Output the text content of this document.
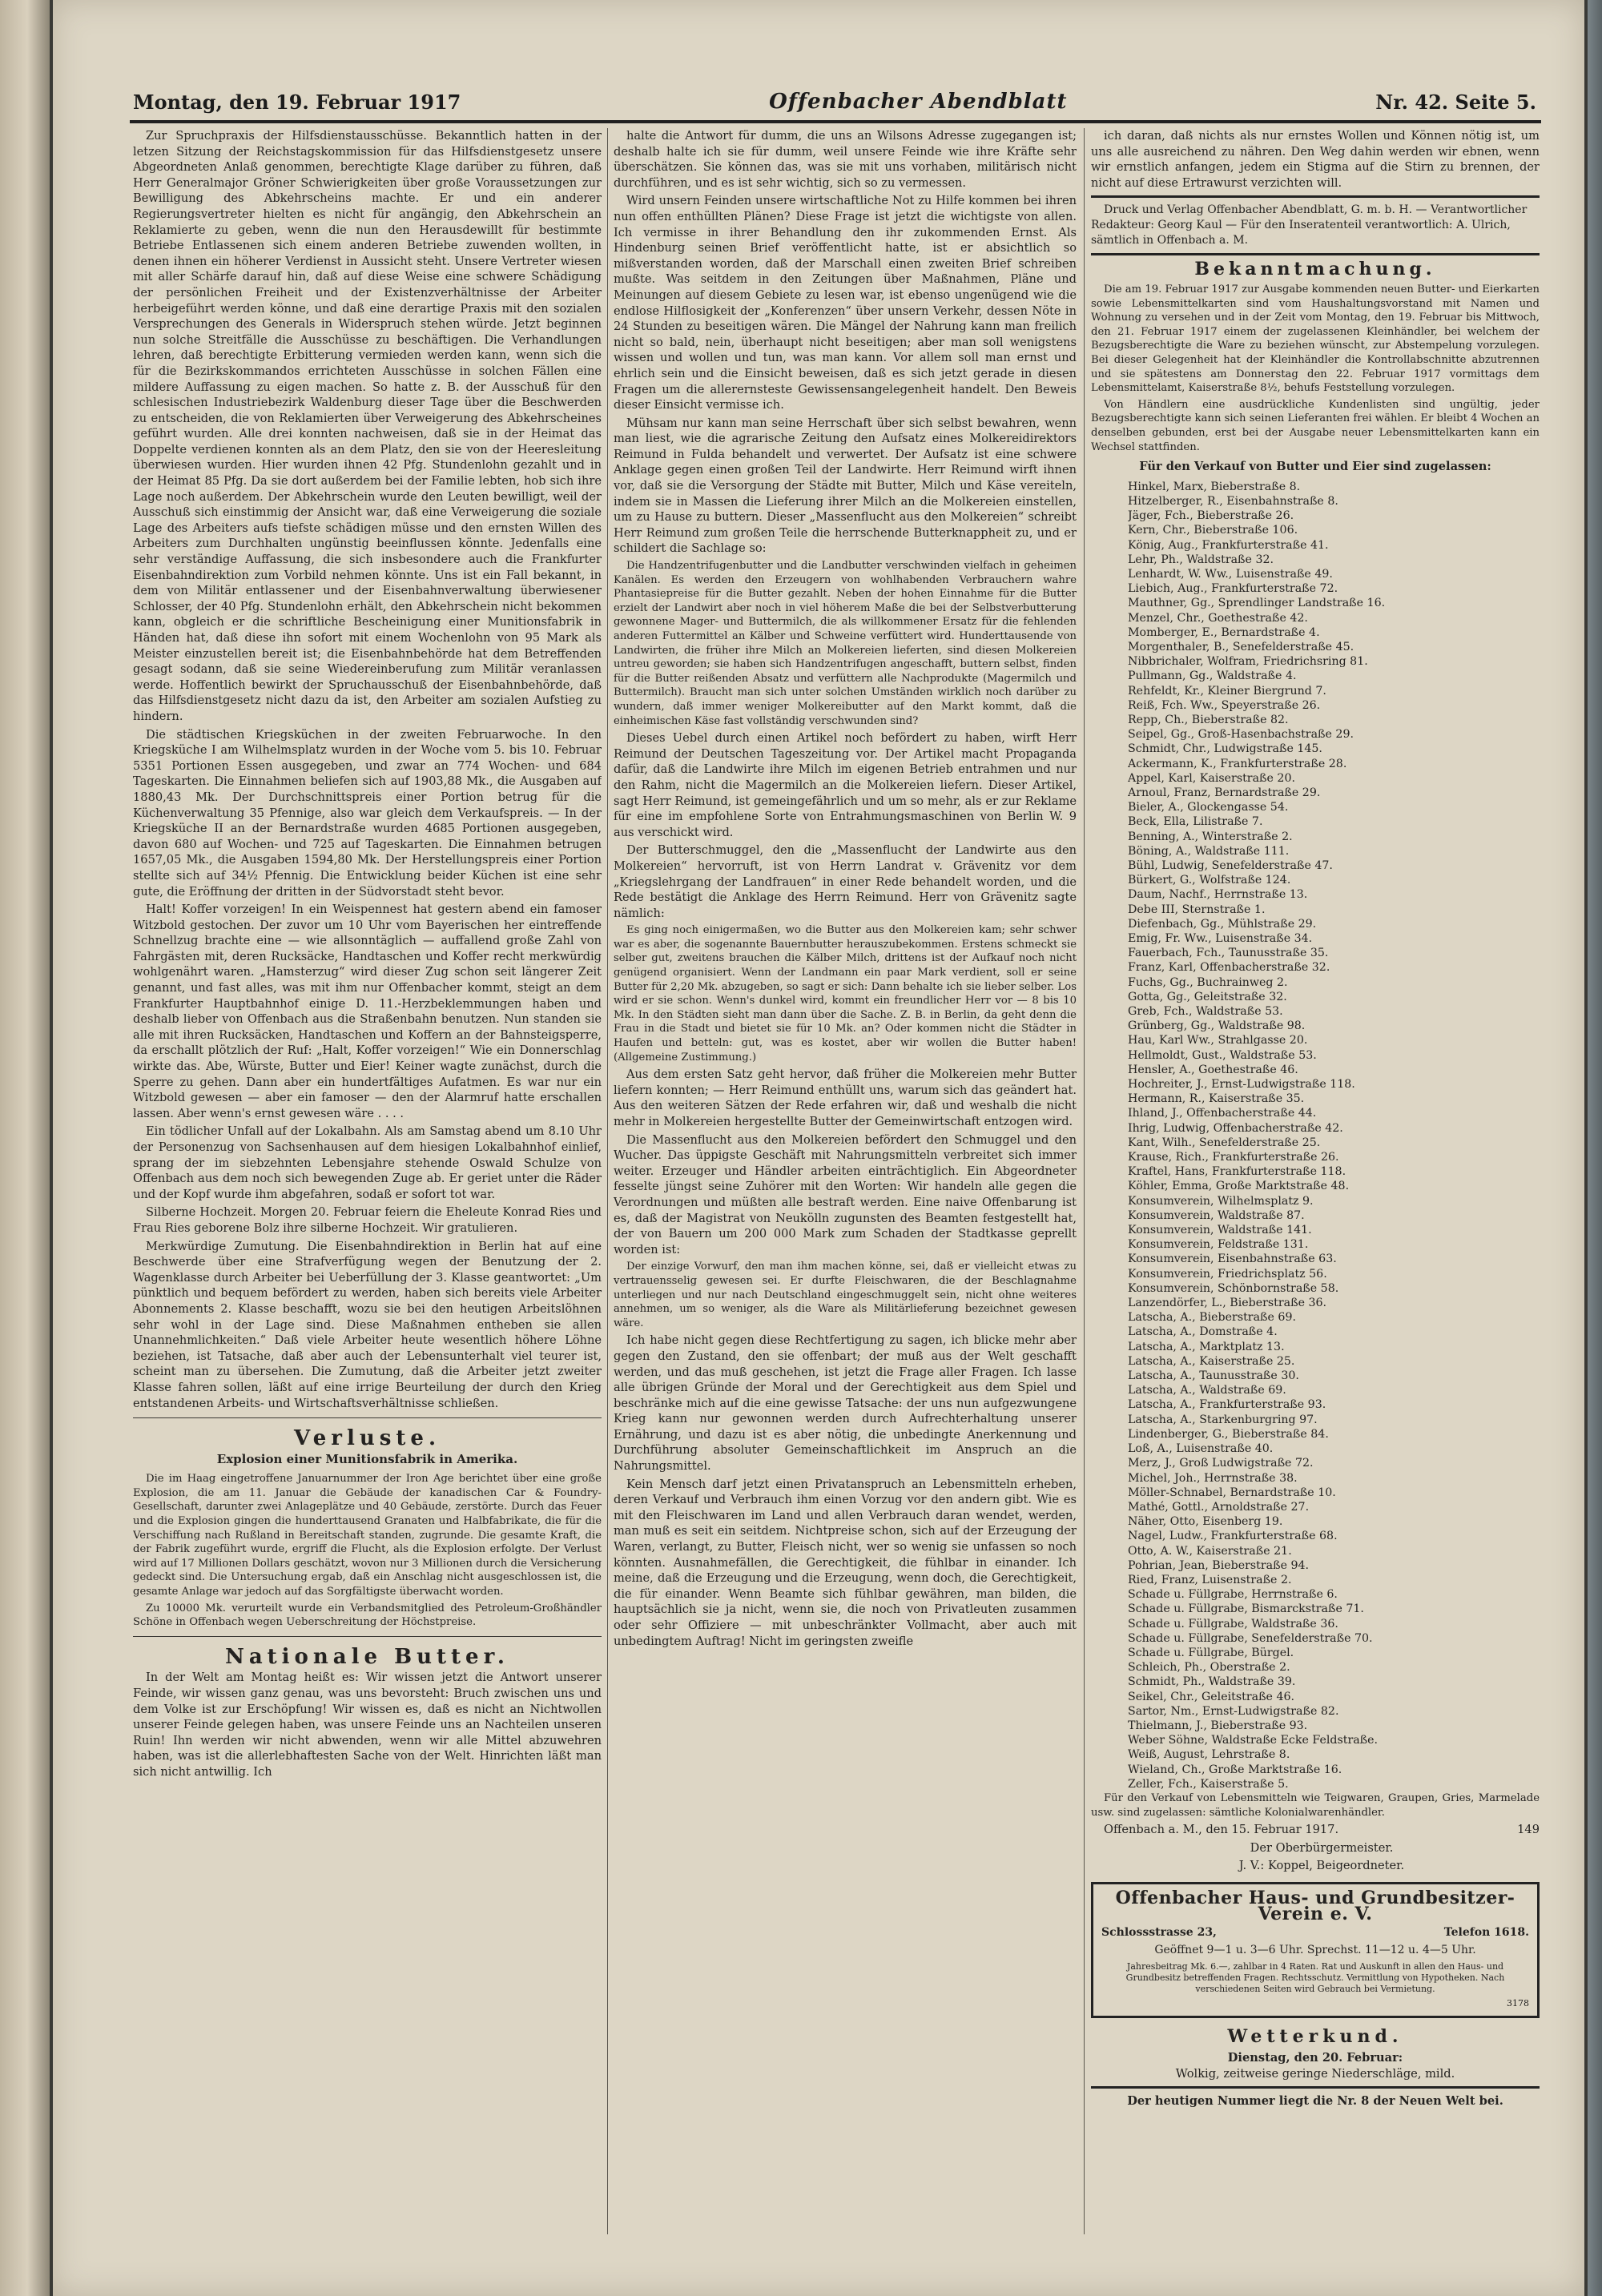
Montag, den 19. Februar 1917	Offenbacher Abendblatt	Nr. 42. Seite 5.

Zur Spruchpraxis der Hilfsdienstausschüsse. Bekanntlich hatten in der letzen Sitzung der Reichstagskommission für das Hilfsdienstgesetz unsere Abgeordneten Anlaß genommen, berechtigte Klage darüber zu führen, daß Herr Generalmajor Gröner Schwierigkeiten über große Voraussetzungen zur Bewilligung des Abkehrscheins machte. Er und ein anderer Regierungsvertreter hielten es nicht für angängig, den Abkehrschein an Reklamierte zu geben, wenn die nun den Herausdewillt für bestimmte Betriebe Entlassenen sich einem anderen Betriebe zuwenden wollten, in denen ihnen ein höherer Verdienst in Aussicht steht. Unsere Vertreter wiesen mit aller Schärfe darauf hin, daß auf diese Weise eine schwere Schädigung der persönlichen Freiheit und der Existenzverhältnisse der Arbeiter herbeigeführt werden könne, und daß eine derartige Praxis mit den sozialen Versprechungen des Generals in Widerspruch stehen würde. Jetzt beginnen nun solche Streitfälle die Ausschüsse zu beschäftigen. Die Verhandlungen lehren, daß berechtigte Erbitterung vermieden werden kann, wenn sich die für die Bezirkskommandos errichteten Ausschüsse in solchen Fällen eine mildere Auffassung zu eigen machen. So hatte z. B. der Ausschuß für den schlesischen Industriebezirk Waldenburg dieser Tage über die Beschwerden zu entscheiden, die von Reklamierten über Verweigerung des Abkehrscheines geführt wurden. Alle drei konnten nachweisen, daß sie in der Heimat das Doppelte verdienen konnten als an dem Platz, den sie von der Heeresleitung überwiesen wurden. Hier wurden ihnen 42 Pfg. Stundenlohn gezahlt und in der Heimat 85 Pfg. Da sie dort außerdem bei der Familie lebten, hob sich ihre Lage noch außerdem. Der Abkehrschein wurde den Leuten bewilligt, weil der Ausschuß sich einstimmig der Ansicht war, daß eine Verweigerung die soziale Lage des Arbeiters aufs tiefste schädigen müsse und den ernsten Willen des Arbeiters zum Durchhalten ungünstig beeinflussen könnte. Jedenfalls eine sehr verständige Auffassung, die sich insbesondere auch die Frankfurter Eisenbahndirektion zum Vorbild nehmen könnte. Uns ist ein Fall bekannt, in dem von Militär entlassener und der Eisenbahnverwaltung überwiesener Schlosser, der 40 Pfg. Stundenlohn erhält, den Abkehrschein nicht bekommen kann, obgleich er die schriftliche Bescheinigung einer Munitionsfabrik in Händen hat, daß diese ihn sofort mit einem Wochenlohn von 95 Mark als Meister einzustellen bereit ist; die Eisenbahnbehörde hat dem Betreffenden gesagt sodann, daß sie seine Wiedereinberufung zum Militär veranlassen werde. Hoffentlich bewirkt der Spruchausschuß der Eisenbahnbehörde, daß das Hilfsdienstgesetz nicht dazu da ist, den Arbeiter am sozialen Aufstieg zu hindern.

Die städtischen Kriegsküchen in der zweiten Februarwoche. In den Kriegsküche I am Wilhelmsplatz wurden in der Woche vom 5. bis 10. Februar 5351 Portionen Essen ausgegeben, und zwar an 774 Wochen- und 684 Tageskarten. Die Einnahmen beliefen sich auf 1903,88 Mk., die Ausgaben auf 1880,43 Mk. Der Durchschnittspreis einer Portion betrug für die Küchenverwaltung 35 Pfennige, also war gleich dem Verkaufspreis. — In der Kriegsküche II an der Bernardstraße wurden 4685 Portionen ausgegeben, davon 680 auf Wochen- und 725 auf Tageskarten. Die Einnahmen betrugen 1657,05 Mk., die Ausgaben 1594,80 Mk. Der Herstellungspreis einer Portion stellte sich auf 34½ Pfennig. Die Entwicklung beider Küchen ist eine sehr gute, die Eröffnung der dritten in der Südvorstadt steht bevor.

Halt! Koffer vorzeigen! In ein Weispennest hat gestern abend ein famoser Witzbold gestochen. Der zuvor um 10 Uhr vom Bayerischen her eintreffende Schnellzug brachte eine — wie allsonntäglich — auffallend große Zahl von Fahrgästen mit, deren Rucksäcke, Handtaschen und Koffer recht merkwürdig wohlgenährt waren. „Hamsterzug“ wird dieser Zug schon seit längerer Zeit genannt, und fast alles, was mit ihm nur Offenbacher kommt, steigt an dem Frankfurter Hauptbahnhof einige D. 11.-Herzbeklemmungen haben und deshalb lieber von Offenbach aus die Straßenbahn benutzen. Nun standen sie alle mit ihren Rucksäcken, Handtaschen und Koffern an der Bahnsteigsperre, da erschallt plötzlich der Ruf: „Halt, Koffer vorzeigen!“ Wie ein Donnerschlag wirkte das. Abe, Würste, Butter und Eier! Keiner wagte zunächst, durch die Sperre zu gehen. Dann aber ein hundertfältiges Aufatmen. Es war nur ein Witzbold gewesen — aber ein famoser — den der Alarmruf hatte erschallen lassen. Aber wenn's ernst gewesen wäre . . . .

Ein tödlicher Unfall auf der Lokalbahn. Als am Samstag abend um 8.10 Uhr der Personenzug von Sachsenhausen auf dem hiesigen Lokalbahnhof einlief, sprang der im siebzehnten Lebensjahre stehende Oswald Schulze von Offenbach aus dem noch sich bewegenden Zuge ab. Er geriet unter die Räder und der Kopf wurde ihm abgefahren, sodaß er sofort tot war.

Silberne Hochzeit. Morgen 20. Februar feiern die Eheleute Konrad Ries und Frau Ries geborene Bolz ihre silberne Hochzeit. Wir gratulieren.

Merkwürdige Zumutung. Die Eisenbahndirektion in Berlin hat auf eine Beschwerde über eine Strafverfügung wegen der Benutzung der 2. Wagenklasse durch Arbeiter bei Ueberfüllung der 3. Klasse geantwortet: „Um pünktlich und bequem befördert zu werden, haben sich bereits viele Arbeiter Abonnements 2. Klasse beschafft, wozu sie bei den heutigen Arbeitslöhnen sehr wohl in der Lage sind. Diese Maßnahmen entheben sie allen Unannehmlichkeiten.“ Daß viele Arbeiter heute wesentlich höhere Löhne beziehen, ist Tatsache, daß aber auch der Lebensunterhalt viel teurer ist, scheint man zu übersehen. Die Zumutung, daß die Arbeiter jetzt zweiter Klasse fahren sollen, läßt auf eine irrige Beurteilung der durch den Krieg entstandenen Arbeits- und Wirtschaftsverhältnisse schließen.

Verluste.
Explosion einer Munitionsfabrik in Amerika.

Die im Haag eingetroffene Januarnummer der Iron Age berichtet über eine große Explosion, die am 11. Januar die Gebäude der kanadischen Car & Foundry-Gesellschaft, darunter zwei Anlageplätze und 40 Gebäude, zerstörte. Durch das Feuer und die Explosion gingen die hunderttausend Granaten und Halbfabrikate, die für die Verschiffung nach Rußland in Bereitschaft standen, zugrunde. Die gesamte Kraft, die der Fabrik zugeführt wurde, ergriff die Flucht, als die Explosion erfolgte. Der Verlust wird auf 17 Millionen Dollars geschätzt, wovon nur 3 Millionen durch die Versicherung gedeckt sind. Die Untersuchung ergab, daß ein Anschlag nicht ausgeschlossen ist, die gesamte Anlage war jedoch auf das Sorgfältigste überwacht worden.

Zu 10000 Mk. verurteilt wurde ein Verbandsmitglied des Petroleum-Großhändler Schöne in Offenbach wegen Ueberschreitung der Höchstpreise.

Nationale Butter.

In der Welt am Montag heißt es: Wir wissen jetzt die Antwort unserer Feinde, wir wissen ganz genau, was uns bevorsteht: Bruch zwischen uns und dem Volke ist zur Erschöpfung! Wir wissen es, daß es nicht an Nichtwollen unserer Feinde gelegen haben, was unsere Feinde uns an Nachteilen unseren Ruin! Ihn werden wir nicht abwenden, wenn wir alle Mittel abzuwehren haben, was ist die allerlebhaftesten Sache von der Welt. Hinrichten läßt man sich nicht antwillig. Ich

halte die Antwort für dumm, die uns an Wilsons Adresse zugegangen ist; deshalb halte ich sie für dumm, weil unsere Feinde wie ihre Kräfte sehr überschätzen. Sie können das, was sie mit uns vorhaben, militärisch nicht durchführen, und es ist sehr wichtig, sich so zu vermessen.

Wird unsern Feinden unsere wirtschaftliche Not zu Hilfe kommen bei ihren nun offen enthüllten Plänen? Diese Frage ist jetzt die wichtigste von allen. Ich vermisse in ihrer Behandlung den ihr zukommenden Ernst. Als Hindenburg seinen Brief veröffentlicht hatte, ist er absichtlich so mißverstanden worden, daß der Marschall einen zweiten Brief schreiben mußte. Was seitdem in den Zeitungen über Maßnahmen, Pläne und Meinungen auf diesem Gebiete zu lesen war, ist ebenso ungenügend wie die endlose Hilflosigkeit der „Konferenzen“ über unsern Verkehr, dessen Nöte in 24 Stunden zu beseitigen wären. Die Mängel der Nahrung kann man freilich nicht so bald, nein, überhaupt nicht beseitigen; aber man soll wenigstens wissen und wollen und tun, was man kann. Vor allem soll man ernst und ehrlich sein und die Einsicht beweisen, daß es sich jetzt gerade in diesen Fragen um die allerernsteste Gewissensangelegenheit handelt. Den Beweis dieser Einsicht vermisse ich.

Mühsam nur kann man seine Herrschaft über sich selbst bewahren, wenn man liest, wie die agrarische Zeitung den Aufsatz eines Molkereidirektors Reimund in Fulda behandelt und verwertet. Der Aufsatz ist eine schwere Anklage gegen einen großen Teil der Landwirte. Herr Reimund wirft ihnen vor, daß sie die Versorgung der Städte mit Butter, Milch und Käse vereiteln, indem sie in Massen die Lieferung ihrer Milch an die Molkereien einstellen, um zu Hause zu buttern. Dieser „Massenflucht aus den Molkereien“ schreibt Herr Reimund zum großen Teile die herrschende Butterknappheit zu, und er schildert die Sachlage so:

Die Handzentrifugenbutter und die Landbutter verschwinden vielfach in geheimen Kanälen. Es werden den Erzeugern von wohlhabenden Verbrauchern wahre Phantasiepreise für die Butter gezahlt. Neben der hohen Einnahme für die Butter erzielt der Landwirt aber noch in viel höherem Maße die bei der Selbstverbutterung gewonnene Mager- und Buttermilch, die als willkommener Ersatz für die fehlenden anderen Futtermittel an Kälber und Schweine verfüttert wird. Hunderttausende von Landwirten, die früher ihre Milch an Molkereien lieferten, sind diesen Molkereien untreu geworden; sie haben sich Handzentrifugen angeschafft, buttern selbst, finden für die Butter reißenden Absatz und verfüttern alle Nachprodukte (Magermilch und Buttermilch). Braucht man sich unter solchen Umständen wirklich noch darüber zu wundern, daß immer weniger Molkereibutter auf den Markt kommt, daß die einheimischen Käse fast vollständig verschwunden sind?

Dieses Uebel durch einen Artikel noch befördert zu haben, wirft Herr Reimund der Deutschen Tageszeitung vor. Der Artikel macht Propaganda dafür, daß die Landwirte ihre Milch im eigenen Betrieb entrahmen und nur den Rahm, nicht die Magermilch an die Molkereien liefern. Dieser Artikel, sagt Herr Reimund, ist gemeingefährlich und um so mehr, als er zur Reklame für eine im empfohlene Sorte von Entrahmungsmaschinen von Berlin W. 9 aus verschickt wird.

Der Butterschmuggel, den die „Massenflucht der Landwirte aus den Molkereien“ hervorruft, ist von Herrn Landrat v. Grävenitz vor dem „Kriegslehrgang der Landfrauen“ in einer Rede behandelt worden, und die Rede bestätigt die Anklage des Herrn Reimund. Herr von Grävenitz sagte nämlich:

Es ging noch einigermaßen, wo die Butter aus den Molkereien kam; sehr schwer war es aber, die sogenannte Bauernbutter herauszubekommen. Erstens schmeckt sie selber gut, zweitens brauchen die Kälber Milch, drittens ist der Aufkauf noch nicht genügend organisiert. Wenn der Landmann ein paar Mark verdient, soll er seine Butter für 2,20 Mk. abzugeben, so sagt er sich: Dann behalte ich sie lieber selber. Los wird er sie schon. Wenn's dunkel wird, kommt ein freundlicher Herr vor — 8 bis 10 Mk. In den Städten sieht man dann über die Sache. Z. B. in Berlin, da geht denn die Frau in die Stadt und bietet sie für 10 Mk. an? Oder kommen nicht die Städter in Haufen und betteln: gut, was es kostet, aber wir wollen die Butter haben! (Allgemeine Zustimmung.)

Aus dem ersten Satz geht hervor, daß früher die Molkereien mehr Butter liefern konnten; — Herr Reimund enthüllt uns, warum sich das geändert hat. Aus den weiteren Sätzen der Rede erfahren wir, daß und weshalb die nicht mehr in Molkereien hergestellte Butter der Gemeinwirtschaft entzogen wird.

Die Massenflucht aus den Molkereien befördert den Schmuggel und den Wucher. Das üppigste Geschäft mit Nahrungsmitteln verbreitet sich immer weiter. Erzeuger und Händler arbeiten einträchtiglich. Ein Abgeordneter fesselte jüngst seine Zuhörer mit den Worten: Wir handeln alle gegen die Verordnungen und müßten alle bestraft werden. Eine naive Offenbarung ist es, daß der Magistrat von Neukölln zugunsten des Beamten festgestellt hat, der von Bauern um 200 000 Mark zum Schaden der Stadtkasse geprellt worden ist:

Der einzige Vorwurf, den man ihm machen könne, sei, daß er vielleicht etwas zu vertrauensselig gewesen sei. Er durfte Fleischwaren, die der Beschlagnahme unterliegen und nur nach Deutschland eingeschmuggelt sein, nicht ohne weiteres annehmen, um so weniger, als die Ware als Militärlieferung bezeichnet gewesen wäre.

Ich habe nicht gegen diese Rechtfertigung zu sagen, ich blicke mehr aber gegen den Zustand, den sie offenbart; der muß aus der Welt geschafft werden, und das muß geschehen, ist jetzt die Frage aller Fragen. Ich lasse alle übrigen Gründe der Moral und der Gerechtigkeit aus dem Spiel und beschränke mich auf die eine gewisse Tatsache: der uns nun aufgezwungene Krieg kann nur gewonnen werden durch Aufrechterhaltung unserer Ernährung, und dazu ist es aber nötig, die unbedingte Anerkennung und Durchführung absoluter Gemeinschaftlichkeit im Anspruch an die Nahrungsmittel.

Kein Mensch darf jetzt einen Privatanspruch an Lebensmitteln erheben, deren Verkauf und Verbrauch ihm einen Vorzug vor den andern gibt. Wie es mit den Fleischwaren im Land und allen Verbrauch daran wendet, werden, man muß es seit ein seitdem. Nichtpreise schon, sich auf der Erzeugung der Waren, verlangt, zu Butter, Fleisch nicht, wer so wenig sie unfassen so noch könnten. Ausnahmefällen, die Gerechtigkeit, die fühlbar in einander. Ich meine, daß die Erzeugung und die Erzeugung, wenn doch, die Gerechtigkeit, die für einander. Wenn Beamte sich fühlbar gewähren, man bilden, die hauptsächlich sie ja nicht, wenn sie, die noch von Privatleuten zusammen oder sehr Offiziere — mit unbeschränkter Vollmacht, aber auch mit unbedingtem Auftrag! Nicht im geringsten zweifle

ich daran, daß nichts als nur ernstes Wollen und Können nötig ist, um uns alle ausreichend zu nähren. Den Weg dahin werden wir ebnen, wenn wir ernstlich anfangen, jedem ein Stigma auf die Stirn zu brennen, der nicht auf diese Ertrawurst verzichten will.

Druck und Verlag Offenbacher Abendblatt, G. m. b. H. — Verantwortlicher Redakteur: Georg Kaul — Für den Inseratenteil verantwortlich: A. Ulrich, sämtlich in Offenbach a. M.

Bekanntmachung.

Die am 19. Februar 1917 zur Ausgabe kommenden neuen Butter- und Eierkarten sowie Lebensmittelkarten sind vom Haushaltungsvorstand mit Namen und Wohnung zu versehen und in der Zeit vom Montag, den 19. Februar bis Mittwoch, den 21. Februar 1917 einem der zugelassenen Kleinhändler, bei welchem der Bezugsberechtigte die Ware zu beziehen wünscht, zur Abstempelung vorzulegen. Bei dieser Gelegenheit hat der Kleinhändler die Kontrollabschnitte abzutrennen und sie spätestens am Donnerstag den 22. Februar 1917 vormittags dem Lebensmittelamt, Kaiserstraße 8½, behufs Feststellung vorzulegen.

Von Händlern eine ausdrückliche Kundenlisten sind ungültig, jeder Bezugsberechtigte kann sich seinen Lieferanten frei wählen. Er bleibt 4 Wochen an denselben gebunden, erst bei der Ausgabe neuer Lebensmittelkarten kann ein Wechsel stattfinden.

Für den Verkauf von Butter und Eier sind zugelassen:
Hinkel, Marx, Bieberstraße 8.
Hitzelberger, R., Eisenbahnstraße 8.
Jäger, Fch., Bieberstraße 26.
Kern, Chr., Bieberstraße 106.
König, Aug., Frankfurterstraße 41.
Lehr, Ph., Waldstraße 32.
Lenhardt, W. Ww., Luisenstraße 49.
Liebich, Aug., Frankfurterstraße 72.
Mauthner, Gg., Sprendlinger Landstraße 16.
Menzel, Chr., Goethestraße 42.
Momberger, E., Bernardstraße 4.
Morgenthaler, B., Senefelderstraße 45.
Nibbrichaler, Wolfram, Friedrichsring 81.
Pullmann, Gg., Waldstraße 4.
Rehfeldt, Kr., Kleiner Biergrund 7.
Reiß, Fch. Ww., Speyerstraße 26.
Repp, Ch., Bieberstraße 82.
Seipel, Gg., Groß-Hasenbachstraße 29.
Schmidt, Chr., Ludwigstraße 145.
Ackermann, K., Frankfurterstraße 28.
Appel, Karl, Kaiserstraße 20.
Arnoul, Franz, Bernardstraße 29.
Bieler, A., Glockengasse 54.
Beck, Ella, Lilistraße 7.
Benning, A., Winterstraße 2.
Böning, A., Waldstraße 111.
Bühl, Ludwig, Senefelderstraße 47.
Bürkert, G., Wolfstraße 124.
Daum, Nachf., Herrnstraße 13.
Debe III, Sternstraße 1.
Diefenbach, Gg., Mühlstraße 29.
Emig, Fr. Ww., Luisenstraße 34.
Fauerbach, Fch., Taunusstraße 35.
Franz, Karl, Offenbacherstraße 32.
Fuchs, Gg., Buchrainweg 2.
Gotta, Gg., Geleitstraße 32.
Greb, Fch., Waldstraße 53.
Grünberg, Gg., Waldstraße 98.
Hau, Karl Ww., Strahlgasse 20.
Hellmoldt, Gust., Waldstraße 53.
Hensler, A., Goethestraße 46.
Hochreiter, J., Ernst-Ludwigstraße 118.
Hermann, R., Kaiserstraße 35.
Ihland, J., Offenbacherstraße 44.
Ihrig, Ludwig, Offenbacherstraße 42.
Kant, Wilh., Senefelderstraße 25.
Krause, Rich., Frankfurterstraße 26.
Kraftel, Hans, Frankfurterstraße 118.
Köhler, Emma, Große Marktstraße 48.
Konsumverein, Wilhelmsplatz 9.
Konsumverein, Waldstraße 87.
Konsumverein, Waldstraße 141.
Konsumverein, Feldstraße 131.
Konsumverein, Eisenbahnstraße 63.
Konsumverein, Friedrichsplatz 56.
Konsumverein, Schönbornstraße 58.
Lanzendörfer, L., Bieberstraße 36.
Latscha, A., Bieberstraße 69.
Latscha, A., Domstraße 4.
Latscha, A., Marktplatz 13.
Latscha, A., Kaiserstraße 25.
Latscha, A., Taunusstraße 30.
Latscha, A., Waldstraße 69.
Latscha, A., Frankfurterstraße 93.
Latscha, A., Starkenburgring 97.
Lindenberger, G., Bieberstraße 84.
Loß, A., Luisenstraße 40.
Merz, J., Groß Ludwigstraße 72.
Michel, Joh., Herrnstraße 38.
Möller-Schnabel, Bernardstraße 10.
Mathé, Gottl., Arnoldstraße 27.
Näher, Otto, Eisenberg 19.
Nagel, Ludw., Frankfurterstraße 68.
Otto, A. W., Kaiserstraße 21.
Pohrian, Jean, Bieberstraße 94.
Ried, Franz, Luisenstraße 2.
Schade u. Füllgrabe, Herrnstraße 6.
Schade u. Füllgrabe, Bismarckstraße 71.
Schade u. Füllgrabe, Waldstraße 36.
Schade u. Füllgrabe, Senefelderstraße 70.
Schade u. Füllgrabe, Bürgel.
Schleich, Ph., Oberstraße 2.
Schmidt, Ph., Waldstraße 39.
Seikel, Chr., Geleitstraße 46.
Sartor, Nm., Ernst-Ludwigstraße 82.
Thielmann, J., Bieberstraße 93.
Weber Söhne, Waldstraße Ecke Feldstraße.
Weiß, August, Lehrstraße 8.
Wieland, Ch., Große Marktstraße 16.
Zeller, Fch., Kaiserstraße 5.

Für den Verkauf von Lebensmitteln wie Teigwaren, Graupen, Gries, Marmelade usw. sind zugelassen: sämtliche Kolonialwarenhändler.

Offenbach a. M., den 15. Februar 1917.	149

Der Oberbürgermeister.

J. V.: Koppel, Beigeordneter.

Offenbacher Haus- und Grundbesitzer-Verein e. V.
Schlossstrasse 23,	Telefon 1618.
Geöffnet 9—1 u. 3—6 Uhr. Sprechst. 11—12 u. 4—5 Uhr.
Jahresbeitrag Mk. 6.—, zahlbar in 4 Raten. Rat und Auskunft in allen den Haus- und Grundbesitz betreffenden Fragen. Rechtsschutz. Vermittlung von Hypotheken. Nach verschiedenen Seiten wird Gebrauch bei Vermietung.
3178
Wetterkund.
Dienstag, den 20. Februar:
Wolkig, zeitweise geringe Niederschläge, mild.
Der heutigen Nummer liegt die Nr. 8 der Neuen Welt bei.
